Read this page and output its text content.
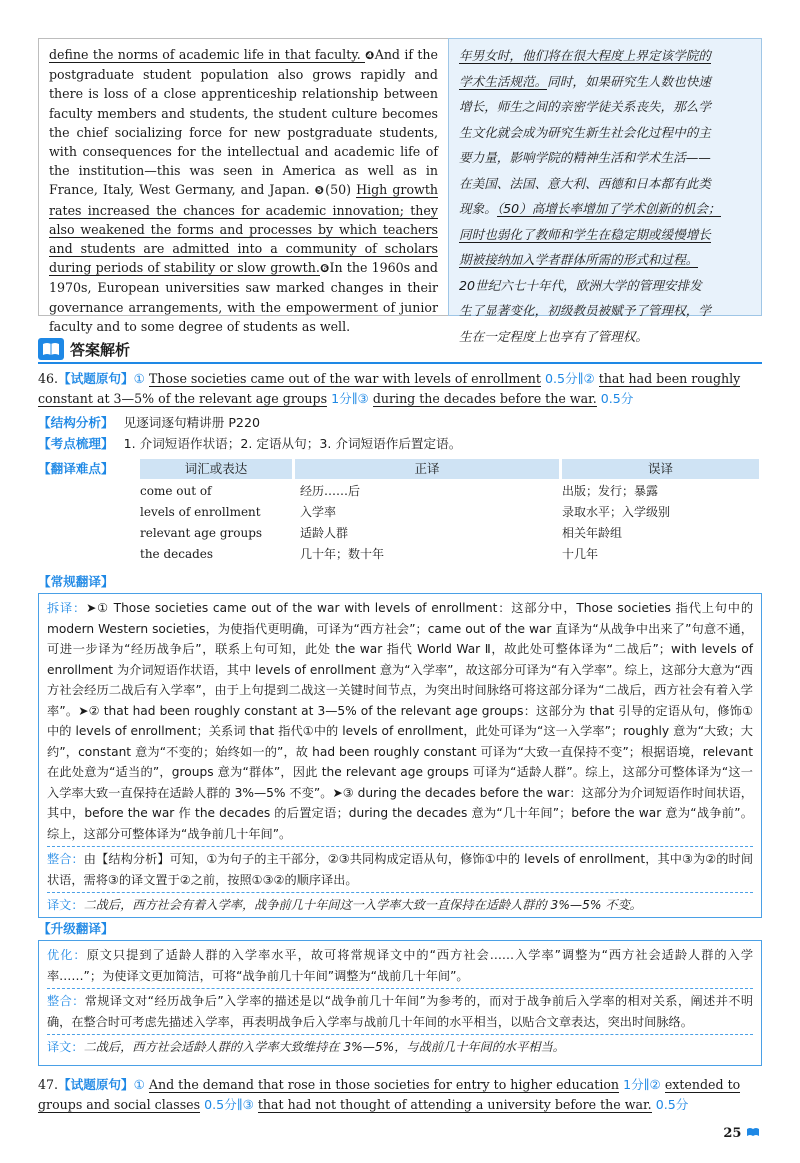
define the norms of academic life in that faculty. ❹And if the postgraduate student population also grows rapidly and there is loss of a close apprenticeship relationship between faculty members and students, the student culture becomes the chief socializing force for new postgraduate students, with consequences for the intellectual and academic life of the institution—this was seen in America as well as in France, Italy, West Germany, and Japan. ❺(50) High growth rates increased the chances for academic innovation; they also weakened the forms and processes by which teachers and students are admitted into a community of scholars during periods of stability or slow growth.❻In the 1960s and 1970s, European universities saw marked changes in their governance arrangements, with the empowerment of junior faculty and to some degree of students as well.

年男女时，他们将在很大程度上界定该学院的
学术生活规范。同时，如果研究生人数也快速
增长，师生之间的亲密学徒关系丧失，那么学
生文化就会成为研究生新生社会化过程中的主
要力量，影响学院的精神生活和学术生活——
在美国、法国、意大利、西德和日本都有此类
现象。（50）高增长率增加了学术创新的机会；
同时也弱化了教师和学生在稳定期或缓慢增长
期被接纳加入学者群体所需的形式和过程。
20世纪六七十年代，欧洲大学的管理安排发
生了显著变化，初级教员被赋予了管理权，学
生在一定程度上也享有了管理权。
答案解析
46.【试题原句】① Those societies came out of the war with levels of enrollment 0.5分∥② that had been roughly constant at 3—5% of the relevant age groups 1分∥③ during the decades before the war. 0.5分
【结构分析】 见逐词逐句精讲册 P220
【考点梳理】 1. 介词短语作状语；2. 定语从句；3. 介词短语作后置定语。
【翻译难点】	词汇或表达	正译	误译
come out of	经历……后	出版；发行；暴露
levels of enrollment	入学率	录取水平；入学级别
relevant age groups	适龄人群	相关年龄组
the decades	几十年；数十年	十几年
【常规翻译】
拆译：➤① Those societies came out of the war with levels of enrollment：这部分中，Those societies 指代上句中的 modern Western societies，为使指代更明确，可译为“西方社会”；came out of the war 直译为“从战争中出来了”句意不通，可进一步译为“经历战争后”，联系上句可知，此处 the war 指代 World War Ⅱ，故此处可整体译为“二战后”；with levels of enrollment 为介词短语作状语，其中 levels of enrollment 意为“入学率”，故这部分可译为“有入学率”。综上，这部分大意为“西方社会经历二战后有入学率”，由于上句提到二战这一关键时间节点，为突出时间脉络可将这部分译为“二战后，西方社会有着入学率”。➤② that had been roughly constant at 3—5% of the relevant age groups：这部分为 that 引导的定语从句，修饰①中的 levels of enrollment；关系词 that 指代①中的 levels of enrollment，此处可译为“这一入学率”；roughly 意为“大致；大约”，constant 意为“不变的；始终如一的”，故 had been roughly constant 可译为“大致一直保持不变”；根据语境，relevant 在此处意为“适当的”，groups 意为“群体”，因此 the relevant age groups 可译为“适龄人群”。综上，这部分可整体译为“这一入学率大致一直保持在适龄人群的 3%—5% 不变”。➤③ during the decades before the war：这部分为介词短语作时间状语，其中，before the war 作 the decades 的后置定语；during the decades 意为“几十年间”；before the war 意为“战争前”。综上，这部分可整体译为“战争前几十年间”。
整合：由【结构分析】可知，①为句子的主干部分，②③共同构成定语从句，修饰①中的 levels of enrollment，其中③为②的时间状语，需将③的译文置于②之前，按照①③②的顺序译出。
译文：二战后，西方社会有着入学率，战争前几十年间这一入学率大致一直保持在适龄人群的 3%—5% 不变。
【升级翻译】
优化：原文只提到了适龄人群的入学率水平，故可将常规译文中的“西方社会……入学率”调整为“西方社会适龄人群的入学率……”；为使译文更加简洁，可将“战争前几十年间”调整为“战前几十年间”。
整合：常规译文对“经历战争后”入学率的描述是以“战争前几十年间”为参考的，而对于战争前后入学率的相对关系，阐述并不明确，在整合时可考虑先描述入学率，再表明战争后入学率与战前几十年间的水平相当，以贴合文章表达，突出时间脉络。
译文：二战后，西方社会适龄人群的入学率大致维持在 3%—5%，与战前几十年间的水平相当。
47.【试题原句】① And the demand that rose in those societies for entry to higher education 1分∥② extended to groups and social classes 0.5分∥③ that had not thought of attending a university before the war. 0.5分
25
